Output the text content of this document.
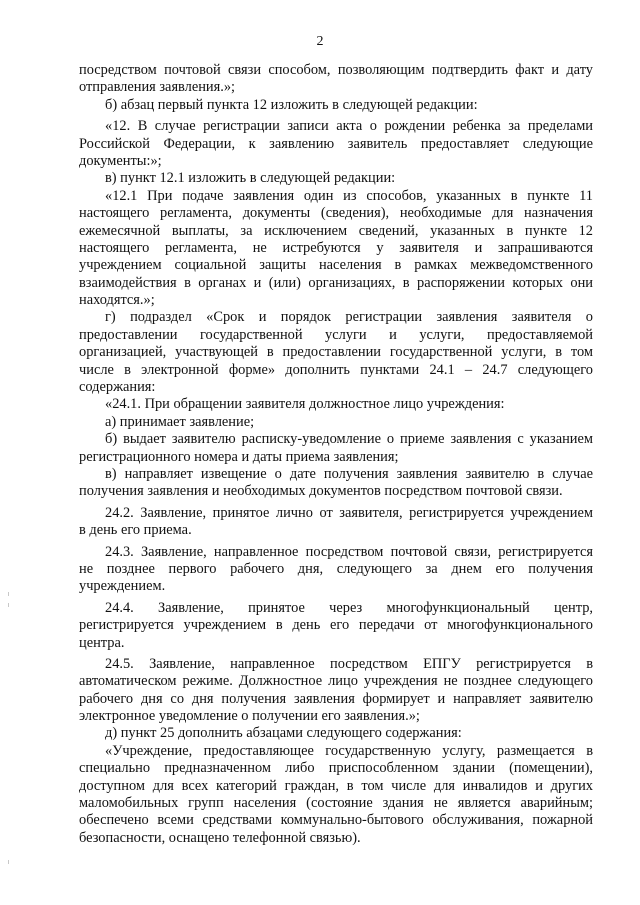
2
посредством почтовой связи способом, позволяющим подтвердить факт и дату
отправления заявления.»;
б) абзац первый пункта 12 изложить в следующей редакции:
«12. В случае регистрации записи акта о рождении ребенка за пределами
Российской Федерации, к заявлению заявитель предоставляет следующие
документы:»;
в) пункт 12.1 изложить в следующей редакции:
«12.1 При подаче заявления один из способов, указанных в пункте 11
настоящего регламента, документы (сведения), необходимые для назначения
ежемесячной выплаты, за исключением сведений, указанных в пункте 12
настоящего регламента, не истребуются у заявителя и запрашиваются
учреждением социальной защиты населения в рамках межведомственного
взаимодействия в органах и (или) организациях, в распоряжении которых они
находятся.»;
г) подраздел «Срок и порядок регистрации заявления заявителя о
предоставлении государственной услуги и услуги, предоставляемой
организацией, участвующей в предоставлении государственной услуги, в том
числе в электронной форме» дополнить пунктами 24.1 – 24.7 следующего
содержания:
«24.1. При обращении заявителя должностное лицо учреждения:
а) принимает заявление;
б) выдает заявителю расписку-уведомление о приеме заявления с указанием
регистрационного номера и даты приема заявления;
в) направляет извещение о дате получения заявления заявителю в случае
получения заявления и необходимых документов посредством почтовой связи.
24.2. Заявление, принятое лично от заявителя, регистрируется учреждением
в день его приема.
24.3. Заявление, направленное посредством почтовой связи, регистрируется
не позднее первого рабочего дня, следующего за днем его получения
учреждением.
24.4. Заявление, принятое через многофункциональный центр,
регистрируется учреждением в день его передачи от многофункционального
центра.
24.5. Заявление, направленное посредством ЕПГУ регистрируется в
автоматическом режиме. Должностное лицо учреждения не позднее следующего
рабочего дня со дня получения заявления формирует и направляет заявителю
электронное уведомление о получении его заявления.»;
д) пункт 25 дополнить абзацами следующего содержания:
«Учреждение, предоставляющее государственную услугу, размещается в
специально предназначенном либо приспособленном здании (помещении),
доступном для всех категорий граждан, в том числе для инвалидов и других
маломобильных групп населения (состояние здания не является аварийным;
обеспечено всеми средствами коммунально-бытового обслуживания, пожарной
безопасности, оснащено телефонной связью).
